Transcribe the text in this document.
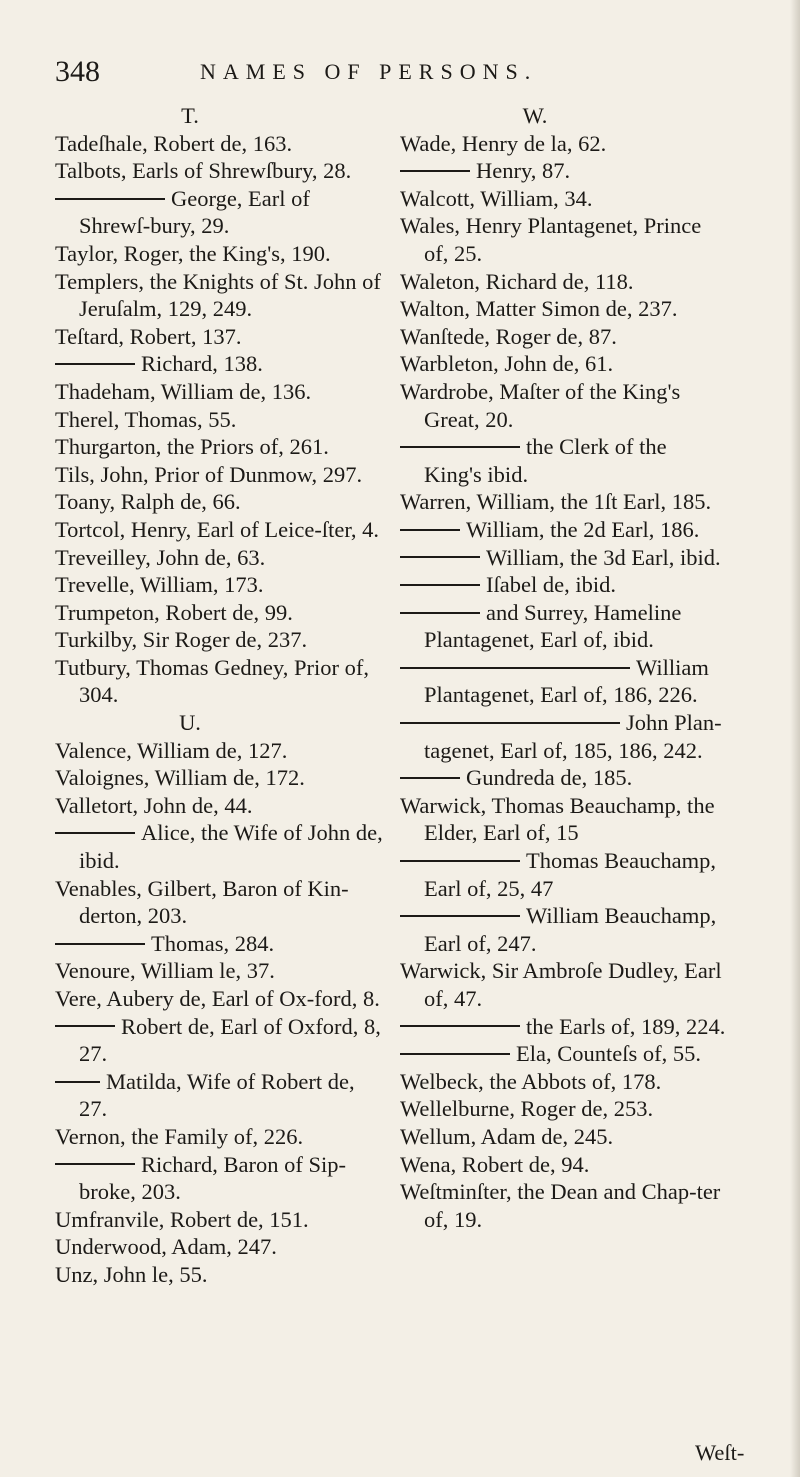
348	NAMES OF PERSONS.

T.

Tadeſhale, Robert de, 163.

Talbots, Earls of Shrewſbury, 28.

George, Earl of Shrewſ-bury, 29.

Taylor, Roger, the King's, 190.

Templers, the Knights of St. John of Jeruſalm, 129, 249.

Teſtard, Robert, 137.

Richard, 138.

Thadeham, William de, 136.

Therel, Thomas, 55.

Thurgarton, the Priors of, 261.

Tils, John, Prior of Dunmow, 297.

Toany, Ralph de, 66.

Tortcol, Henry, Earl of Leice-ſter, 4.

Treveilley, John de, 63.

Trevelle, William, 173.

Trumpeton, Robert de, 99.

Turkilby, Sir Roger de, 237.

Tutbury, Thomas Gedney, Prior of, 304.

U.

Valence, William de, 127.

Valoignes, William de, 172.

Valletort, John de, 44.

Alice, the Wife of John de, ibid.

Venables, Gilbert, Baron of Kin-derton, 203.

Thomas, 284.

Venoure, William le, 37.

Vere, Aubery de, Earl of Ox-ford, 8.

Robert de, Earl of Oxford, 8, 27.

Matilda, Wife of Robert de, 27.

Vernon, the Family of, 226.

Richard, Baron of Sip-broke, 203.

Umfranvile, Robert de, 151.

Underwood, Adam, 247.

Unz, John le, 55.

W.

Wade, Henry de la, 62.

Henry, 87.

Walcott, William, 34.

Wales, Henry Plantagenet, Prince of, 25.

Waleton, Richard de, 118.

Walton, Matter Simon de, 237.

Wanſtede, Roger de, 87.

Warbleton, John de, 61.

Wardrobe, Maſter of the King's Great, 20.

the Clerk of the King's ibid.

Warren, William, the 1ſt Earl, 185.

William, the 2d Earl, 186.

William, the 3d Earl, ibid.

Iſabel de, ibid.

and Surrey, Hameline Plantagenet, Earl of, ibid.

William Plantagenet, Earl of, 186, 226.

John Plan-tagenet, Earl of, 185, 186, 242.

Gundreda de, 185.

Warwick, Thomas Beauchamp, the Elder, Earl of, 15

Thomas Beauchamp, Earl of, 25, 47

William Beauchamp, Earl of, 247.

Warwick, Sir Ambroſe Dudley, Earl of, 47.

the Earls of, 189, 224.

Ela, Counteſs of, 55.

Welbeck, the Abbots of, 178.

Wellelburne, Roger de, 253.

Wellum, Adam de, 245.

Wena, Robert de, 94.

Weſtminſter, the Dean and Chap-ter of, 19.

Weſt-
